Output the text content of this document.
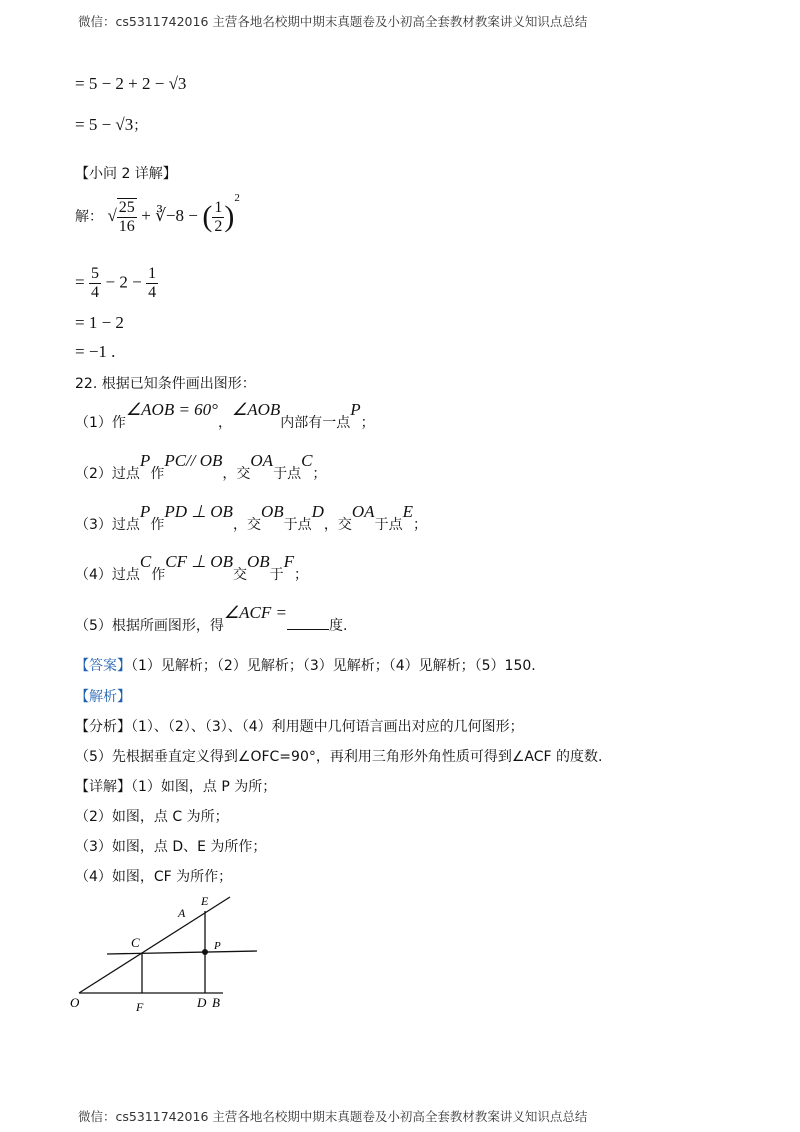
微信：cs5311742016 主营各地名校期中期末真题卷及小初高全套教材教案讲义知识点总结
= 5 − 2 + 2 − √3
= 5 − √3；
【小问 2 详解】
解： √ $\frac{25}{16}$ + ∛−8 − ( $\frac{1}{2} )^2$
= $\frac{5}{4} - 2 - \frac{1}{4}$
= 1 − 2
= −1 .
22. 根据已知条件画出图形：
（1）作∠AOB = 60°，∠AOB内部有一点P；
（2）过点P作PC// OB，交OA于点C；
（3）过点P作PD ⊥ OB，交OB于点D，交OA于点E；
（4）过点C作CF ⊥ OB交OB于F；
（5）根据所画图形，得∠ACF =度.
【答案】（1）见解析；（2）见解析；（3）见解析；（4）见解析；（5）150.
【解析】
【分析】（1）、（2）、（3）、（4）利用题中几何语言画出对应的几何图形；
（5）先根据垂直定义得到∠OFC=90°，再利用三角形外角性质可得到∠ACF 的度数.
【详解】（1）如图，点 P 为所；
（2）如图，点 C 为所；
（3）如图，点 D、E 为所作；
（4）如图，CF 为所作；
O	F	D B
C
A
E
P
微信：cs5311742016 主营各地名校期中期末真题卷及小初高全套教材教案讲义知识点总结
